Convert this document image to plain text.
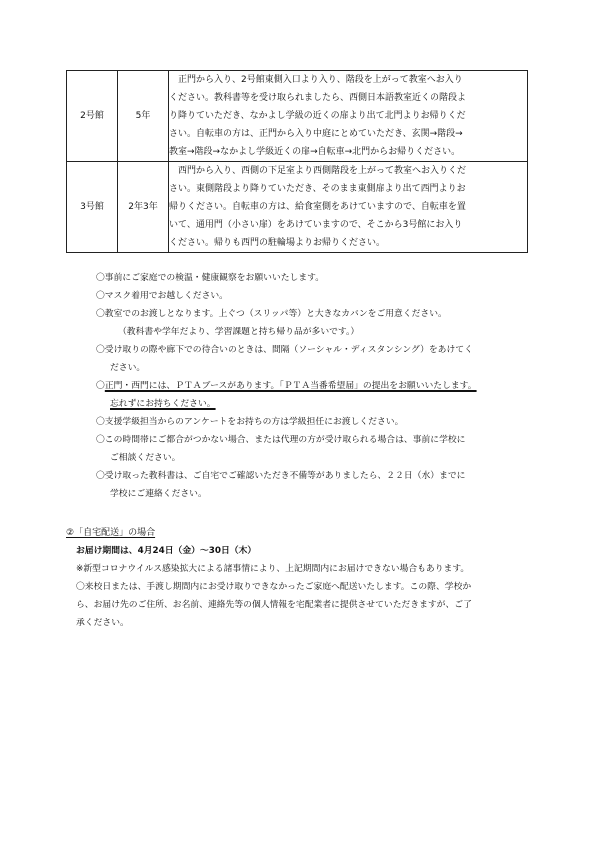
2号館	5年	　正門から入り、2号館東側入口より入り、階段を上がって教室へお入り
ください。教科書等を受け取られましたら、西側日本語教室近くの階段よ
り降りていただき、なかよし学級の近くの扉より出て北門よりお帰りくだ
さい。自転車の方は、正門から入り中庭にとめていただき、玄関→階段→
教室→階段→なかよし学級近くの扉→自転車→北門からお帰りください。

3号館	2年3年	　西門から入り、西側の下足室より西側階段を上がって教室へお入りくだ
さい。東側階段より降りていただき、そのまま東側扉より出て西門よりお
帰りください。自転車の方は、給食室側をあけていますので、自転車を置
いて、通用門（小さい扉）をあけていますので、そこから3号館にお入り
ください。帰りも西門の駐輪場よりお帰りください。
〇事前にご家庭での検温・健康観察をお願いいたします。
〇マスク着用でお越しください。
〇教室でのお渡しとなります。上ぐつ（スリッパ等）と大きなカバンをご用意ください。
（教科書や学年だより、学習課題と持ち帰り品が多いです。）
〇受け取りの際や廊下での待合いのときは、間隔（ソーシャル・ディスタンシング）をあけてく
ださい。
〇正門・西門には、ＰＴＡブースがあります。「ＰＴＡ当番希望届」の提出をお願いいたします。
忘れずにお持ちください。
〇支援学級担当からのアンケートをお持ちの方は学級担任にお渡しください。
〇この時間帯にご都合がつかない場合、または代理の方が受け取られる場合は、事前に学校に
ご相談ください。
〇受け取った教科書は、ご自宅でご確認いただき不備等がありましたら、２２日（水）までに
学校にご連絡ください。
②「自宅配送」の場合
お届け期間は、4月24日（金）～30日（木）
※新型コロナウイルス感染拡大による諸事情により、上記期間内にお届けできない場合もあります。
〇来校日または、手渡し期間内にお受け取りできなかったご家庭へ配送いたします。この際、学校か
ら、お届け先のご住所、お名前、連絡先等の個人情報を宅配業者に提供させていただきますが、ご了
承ください。
